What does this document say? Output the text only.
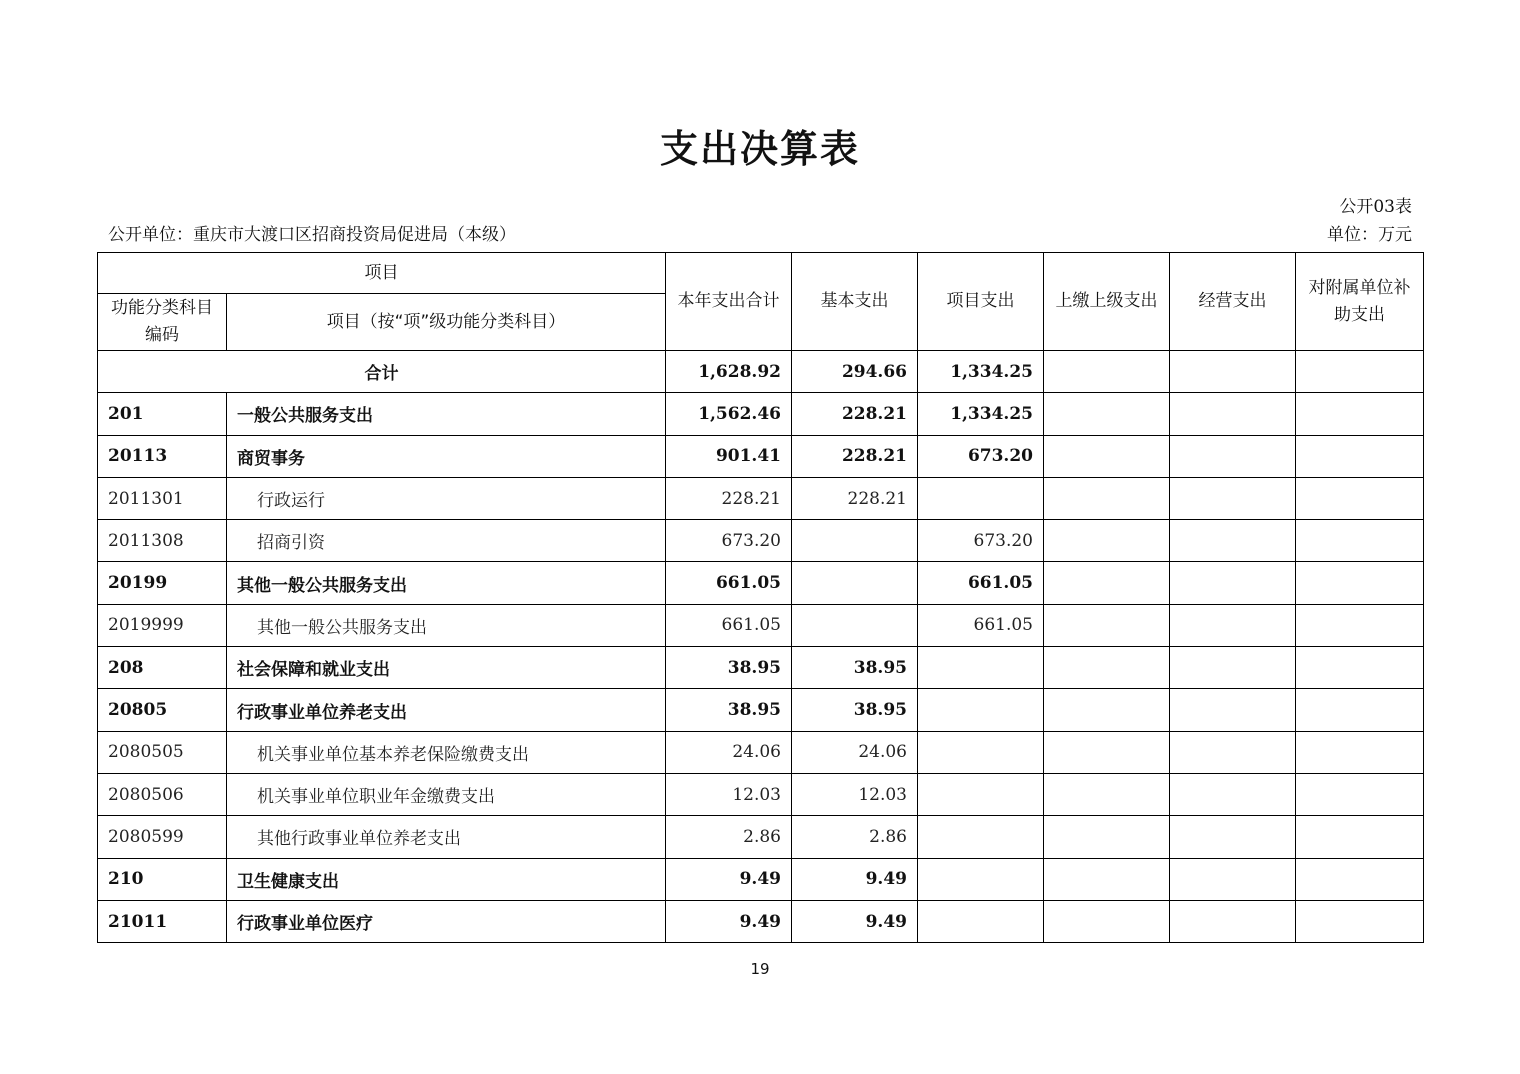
支出决算表
公开03表
公开单位：重庆市大渡口区招商投资局促进局（本级）	单位：万元
项目		本年支出合计	基本支出	项目支出	上缴上级支出	经营支出	对附属单位补助支出
功能分类科目编码	项目（按“项”级功能分类科目）						
合计		1,628.92	294.66	1,334.25			
201	一般公共服务支出	1,562.46	228.21	1,334.25			
20113	商贸事务	901.41	228.21	673.20			
2011301	行政运行	228.21	228.21				
2011308	招商引资	673.20		673.20			
20199	其他一般公共服务支出	661.05		661.05			
2019999	其他一般公共服务支出	661.05		661.05			
208	社会保障和就业支出	38.95	38.95				
20805	行政事业单位养老支出	38.95	38.95				
2080505	机关事业单位基本养老保险缴费支出	24.06	24.06				
2080506	机关事业单位职业年金缴费支出	12.03	12.03				
2080599	其他行政事业单位养老支出	2.86	2.86				
210	卫生健康支出	9.49	9.49				
21011	行政事业单位医疗	9.49	9.49				
19
